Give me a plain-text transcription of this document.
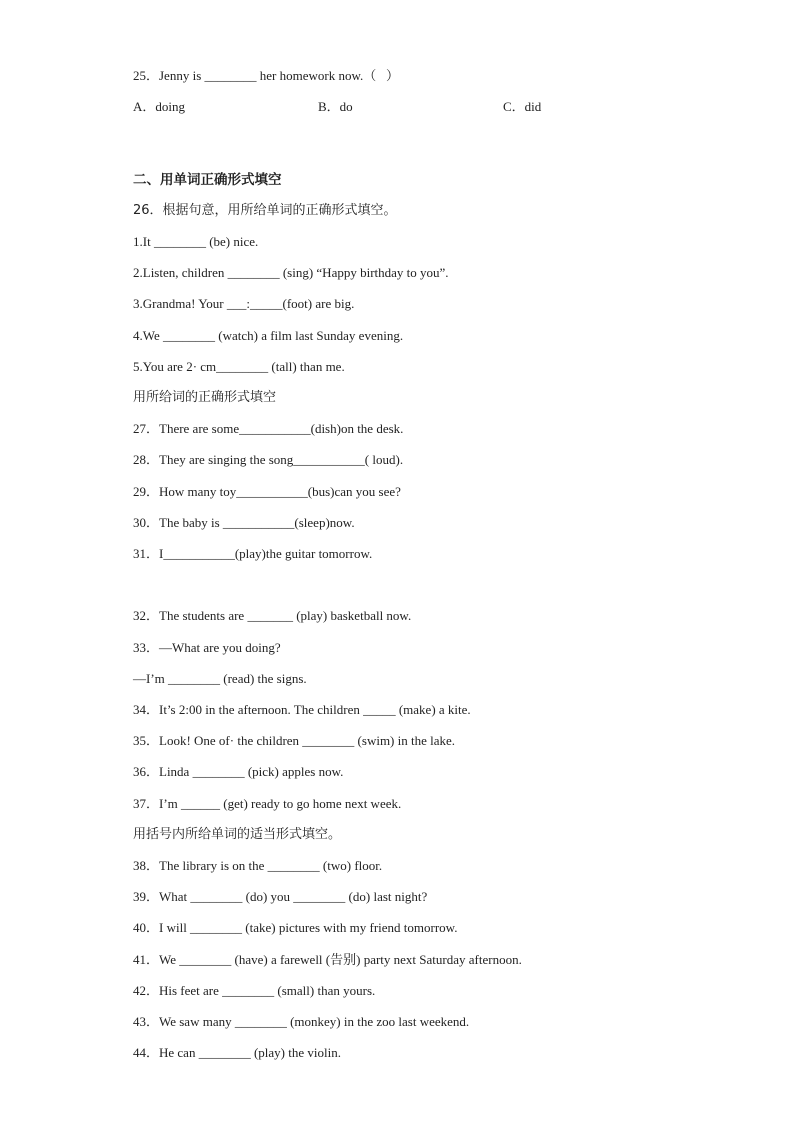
25．Jenny is ________ her homework now.（   ）
A．doing	B．do	C．did
二、用单词正确形式填空
26．根据句意，用所给单词的正确形式填空。
1.It ________ (be) nice.
2.Listen, children ________ (sing) “Happy birthday to you”.
3.Grandma! Your ___:_____(foot) are big.
4.We ________ (watch) a film last Sunday evening.
5.You are 2· cm________ (tall) than me.
用所给词的正确形式填空
27．There are some___________(dish)on the desk.
28．They are singing the song___________( loud).
29．How many toy___________(bus)can you see?
30．The baby is ___________(sleep)now.
31．I___________(play)the guitar tomorrow.
32．The students are _______ (play) basketball now.
33．—What are you doing?
—I’m ________ (read) the signs.
34．It’s 2:00 in the afternoon. The children _____ (make) a kite.
35．Look! One of· the children ________ (swim) in the lake.
36．Linda ________ (pick) apples now.
37．I’m ______ (get) ready to go home next week.
用括号内所给单词的适当形式填空。
38．The library is on the ________ (two) floor.
39．What ________ (do) you ________ (do) last night?
40．I will ________ (take) pictures with my friend tomorrow.
41．We ________ (have) a farewell (告别) party next Saturday afternoon.
42．His feet are ________ (small) than yours.
43．We saw many ________ (monkey) in the zoo last weekend.
44．He can ________ (play) the violin.
